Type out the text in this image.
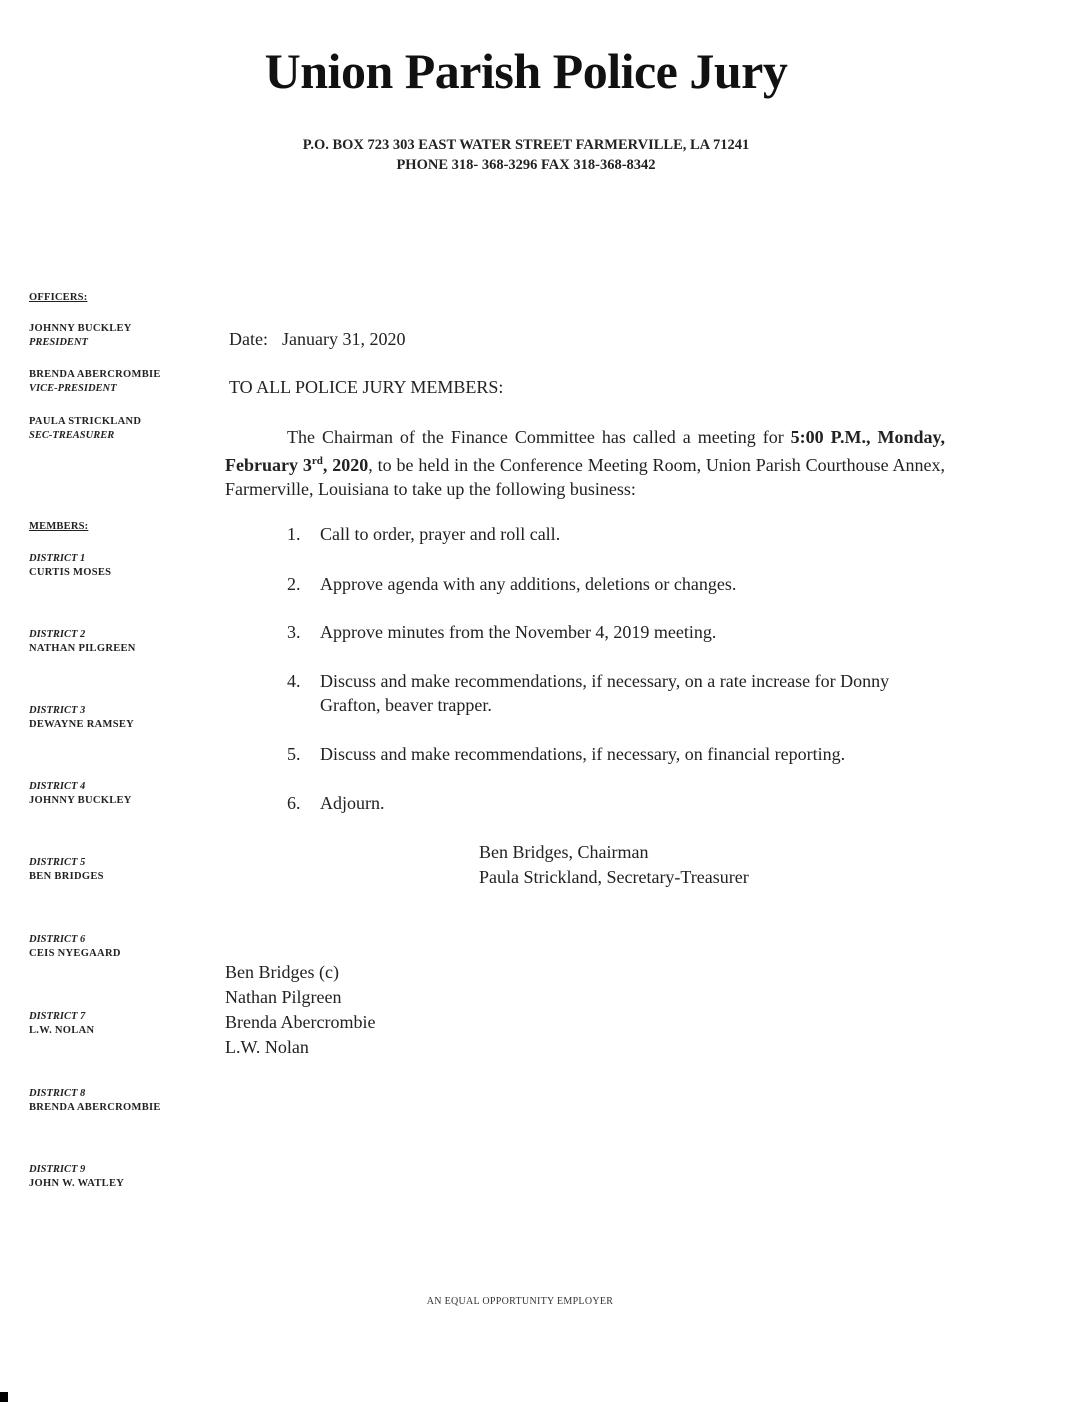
Union Parish Police Jury
P.O. BOX 723 303 EAST WATER STREET FARMERVILLE, LA 71241
PHONE 318- 368-3296 FAX 318-368-8342
OFFICERS:
JOHNNY BUCKLEY
PRESIDENT
BRENDA ABERCROMBIE
VICE-PRESIDENT
PAULA STRICKLAND
SEC-TREASURER
MEMBERS:
DISTRICT 1
CURTIS MOSES
DISTRICT 2
NATHAN PILGREEN
DISTRICT 3
DEWAYNE RAMSEY
DISTRICT 4
JOHNNY BUCKLEY
DISTRICT 5
BEN BRIDGES
DISTRICT 6
CEIS NYEGAARD
DISTRICT 7
L.W. NOLAN
DISTRICT 8
BRENDA ABERCROMBIE
DISTRICT 9
JOHN W. WATLEY
Date: January 31, 2020
TO ALL POLICE JURY MEMBERS:
The Chairman of the Finance Committee has called a meeting for 5:00 P.M., Monday, February 3rd, 2020, to be held in the Conference Meeting Room, Union Parish Courthouse Annex, Farmerville, Louisiana to take up the following business:
1. Call to order, prayer and roll call.
2. Approve agenda with any additions, deletions or changes.
3. Approve minutes from the November 4, 2019 meeting.
4. Discuss and make recommendations, if necessary, on a rate increase for Donny Grafton, beaver trapper.
5. Discuss and make recommendations, if necessary, on financial reporting.
6. Adjourn.
Ben Bridges, Chairman
Paula Strickland, Secretary-Treasurer
Ben Bridges (c)
Nathan Pilgreen
Brenda Abercrombie
L.W. Nolan
AN EQUAL OPPORTUNITY EMPLOYER
